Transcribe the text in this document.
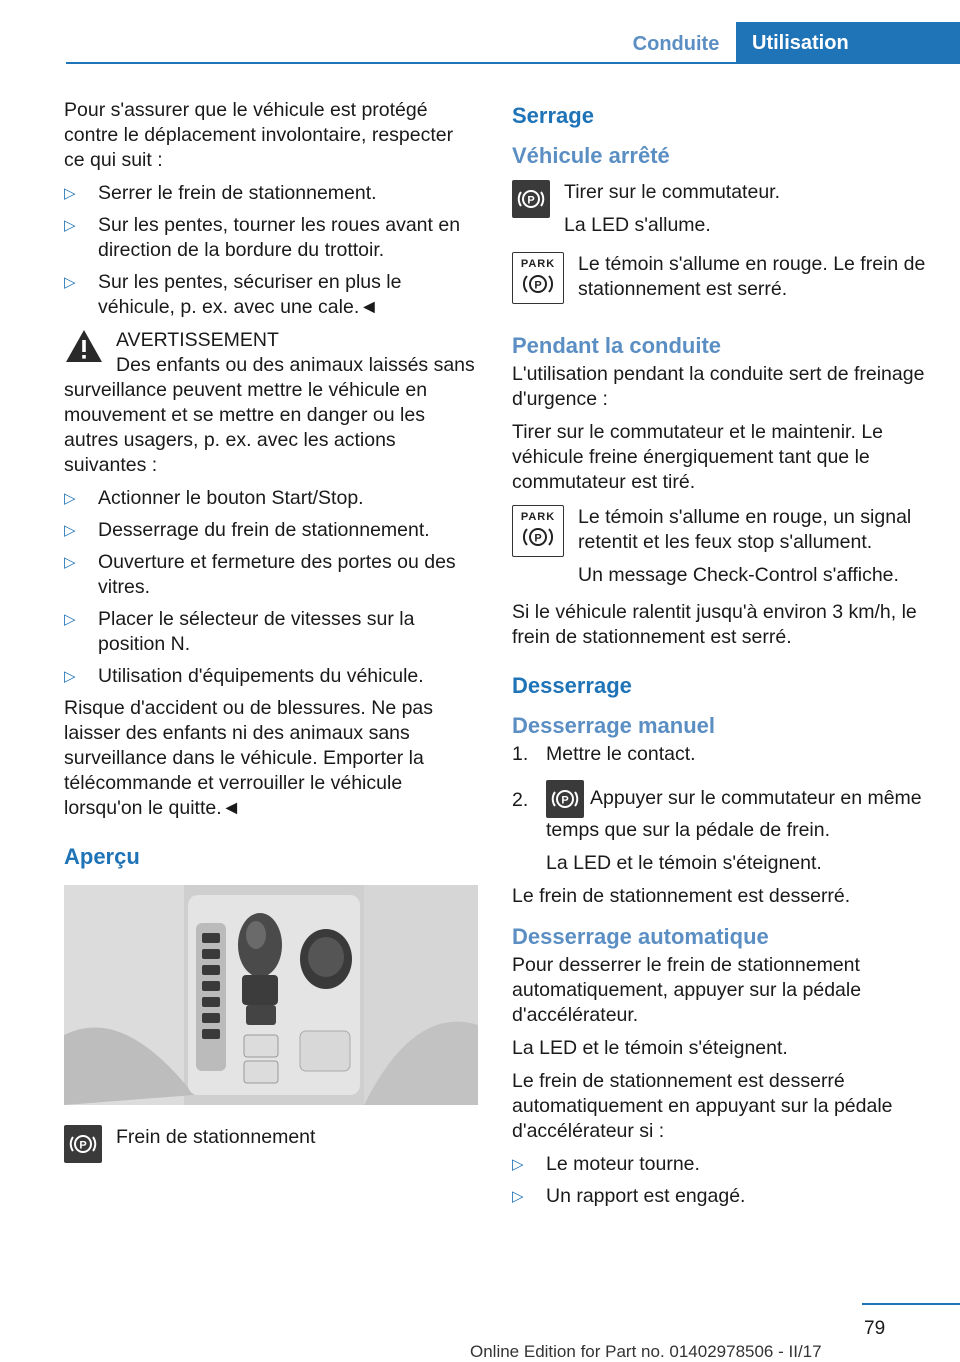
Conduite	Utilisation

Pour s'assurer que le véhicule est protégé contre le déplacement involontaire, respecter ce qui suit :

▷ Serrer le frein de stationnement.
▷ Sur les pentes, tourner les roues avant en direction de la bordure du trottoir.
▷ Sur les pentes, sécuriser en plus le véhicule, p. ex. avec une cale.◄
AVERTISSEMENT

Des enfants ou des animaux laissés sans surveillance peuvent mettre le véhicule en mouvement et se mettre en danger ou les autres usagers, p. ex. avec les actions suivantes :

▷ Actionner le bouton Start/Stop.
▷ Desserrage du frein de stationnement.
▷ Ouverture et fermeture des portes ou des vitres.
▷ Placer le sélecteur de vitesses sur la position N.
▷ Utilisation d'équipements du véhicule.

Risque d'accident ou de blessures. Ne pas laisser des enfants ni des animaux sans surveillance dans le véhicule. Emporter la télécommande et verrouiller le véhicule lorsqu'on le quitte.◄

Aperçu
P	Frein de stationnement
Serrage
Véhicule arrêté
P Tirer sur le commutateur.

La LED s'allume.

PARK
P
Le témoin s'allume en rouge. Le frein de stationnement est serré.
Pendant la conduite

L'utilisation pendant la conduite sert de freinage d'urgence :

Tirer sur le commutateur et le maintenir. Le véhicule freine énergiquement tant que le commutateur est tiré.

PARK
P

Le témoin s'allume en rouge, un signal retentit et les feux stop s'allument.

Un message Check-Control s'affiche.

Si le véhicule ralentit jusqu'à environ 3 km/h, le frein de stationnement est serré.

Desserrage
Desserrage manuel
1. Mettre le contact.
2.	P Appuyer sur le commutateur en même temps que sur la pédale de frein.

La LED et le témoin s'éteignent.

Le frein de stationnement est desserré.

Desserrage automatique

Pour desserrer le frein de stationnement automatiquement, appuyer sur la pédale d'accélérateur.

La LED et le témoin s'éteignent.

Le frein de stationnement est desserré automatiquement en appuyant sur la pédale d'accélérateur si :

▷ Le moteur tourne.
▷ Un rapport est engagé.
79
Online Edition for Part no. 01402978506 - II/17
